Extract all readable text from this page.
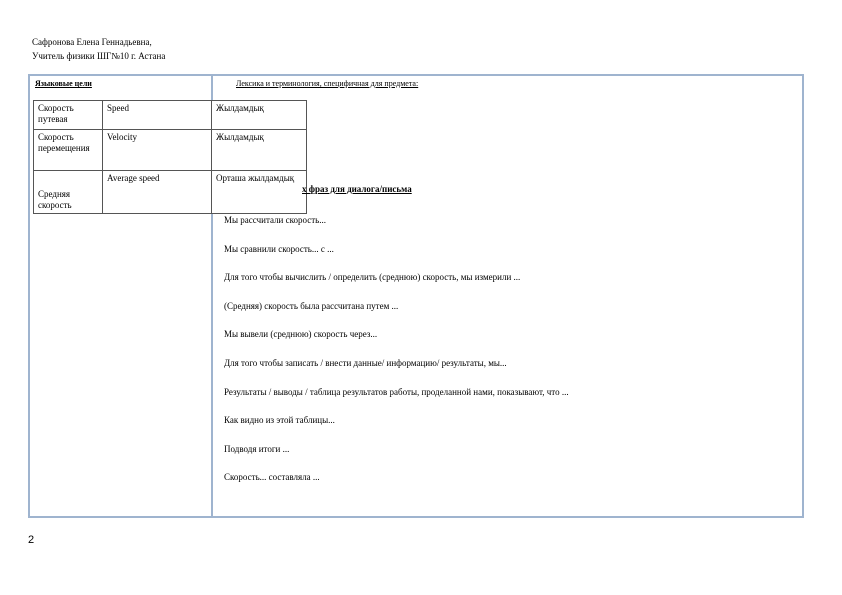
Сафронова Елена Геннадьевна,
Учитель физики ШГ№10 г. Астана
Языковые цели	Лексика и терминология, специфичная для предмета:
Скорость путевая	Speed	Жылдамдық
Скорость перемещения	Velocity	Жылдамдық

Средняя скорость	Average speed	Орташа жылдамдық
х фраз для диалога/письма
Мы рассчитали скорость...
Мы сравнили скорость... с ...
Для того чтобы вычислить / определить (среднюю) скорость, мы измерили ...
(Средняя) скорость была рассчитана путем ...
Мы вывели (среднюю) скорость через...
Для того чтобы записать / внести данные/ информацию/ результаты, мы...
Результаты / выводы / таблица результатов работы, проделанной нами, показывают, что ...
Как видно из этой таблицы...
Подводя итоги ...
Скорость... составляла ...
2
